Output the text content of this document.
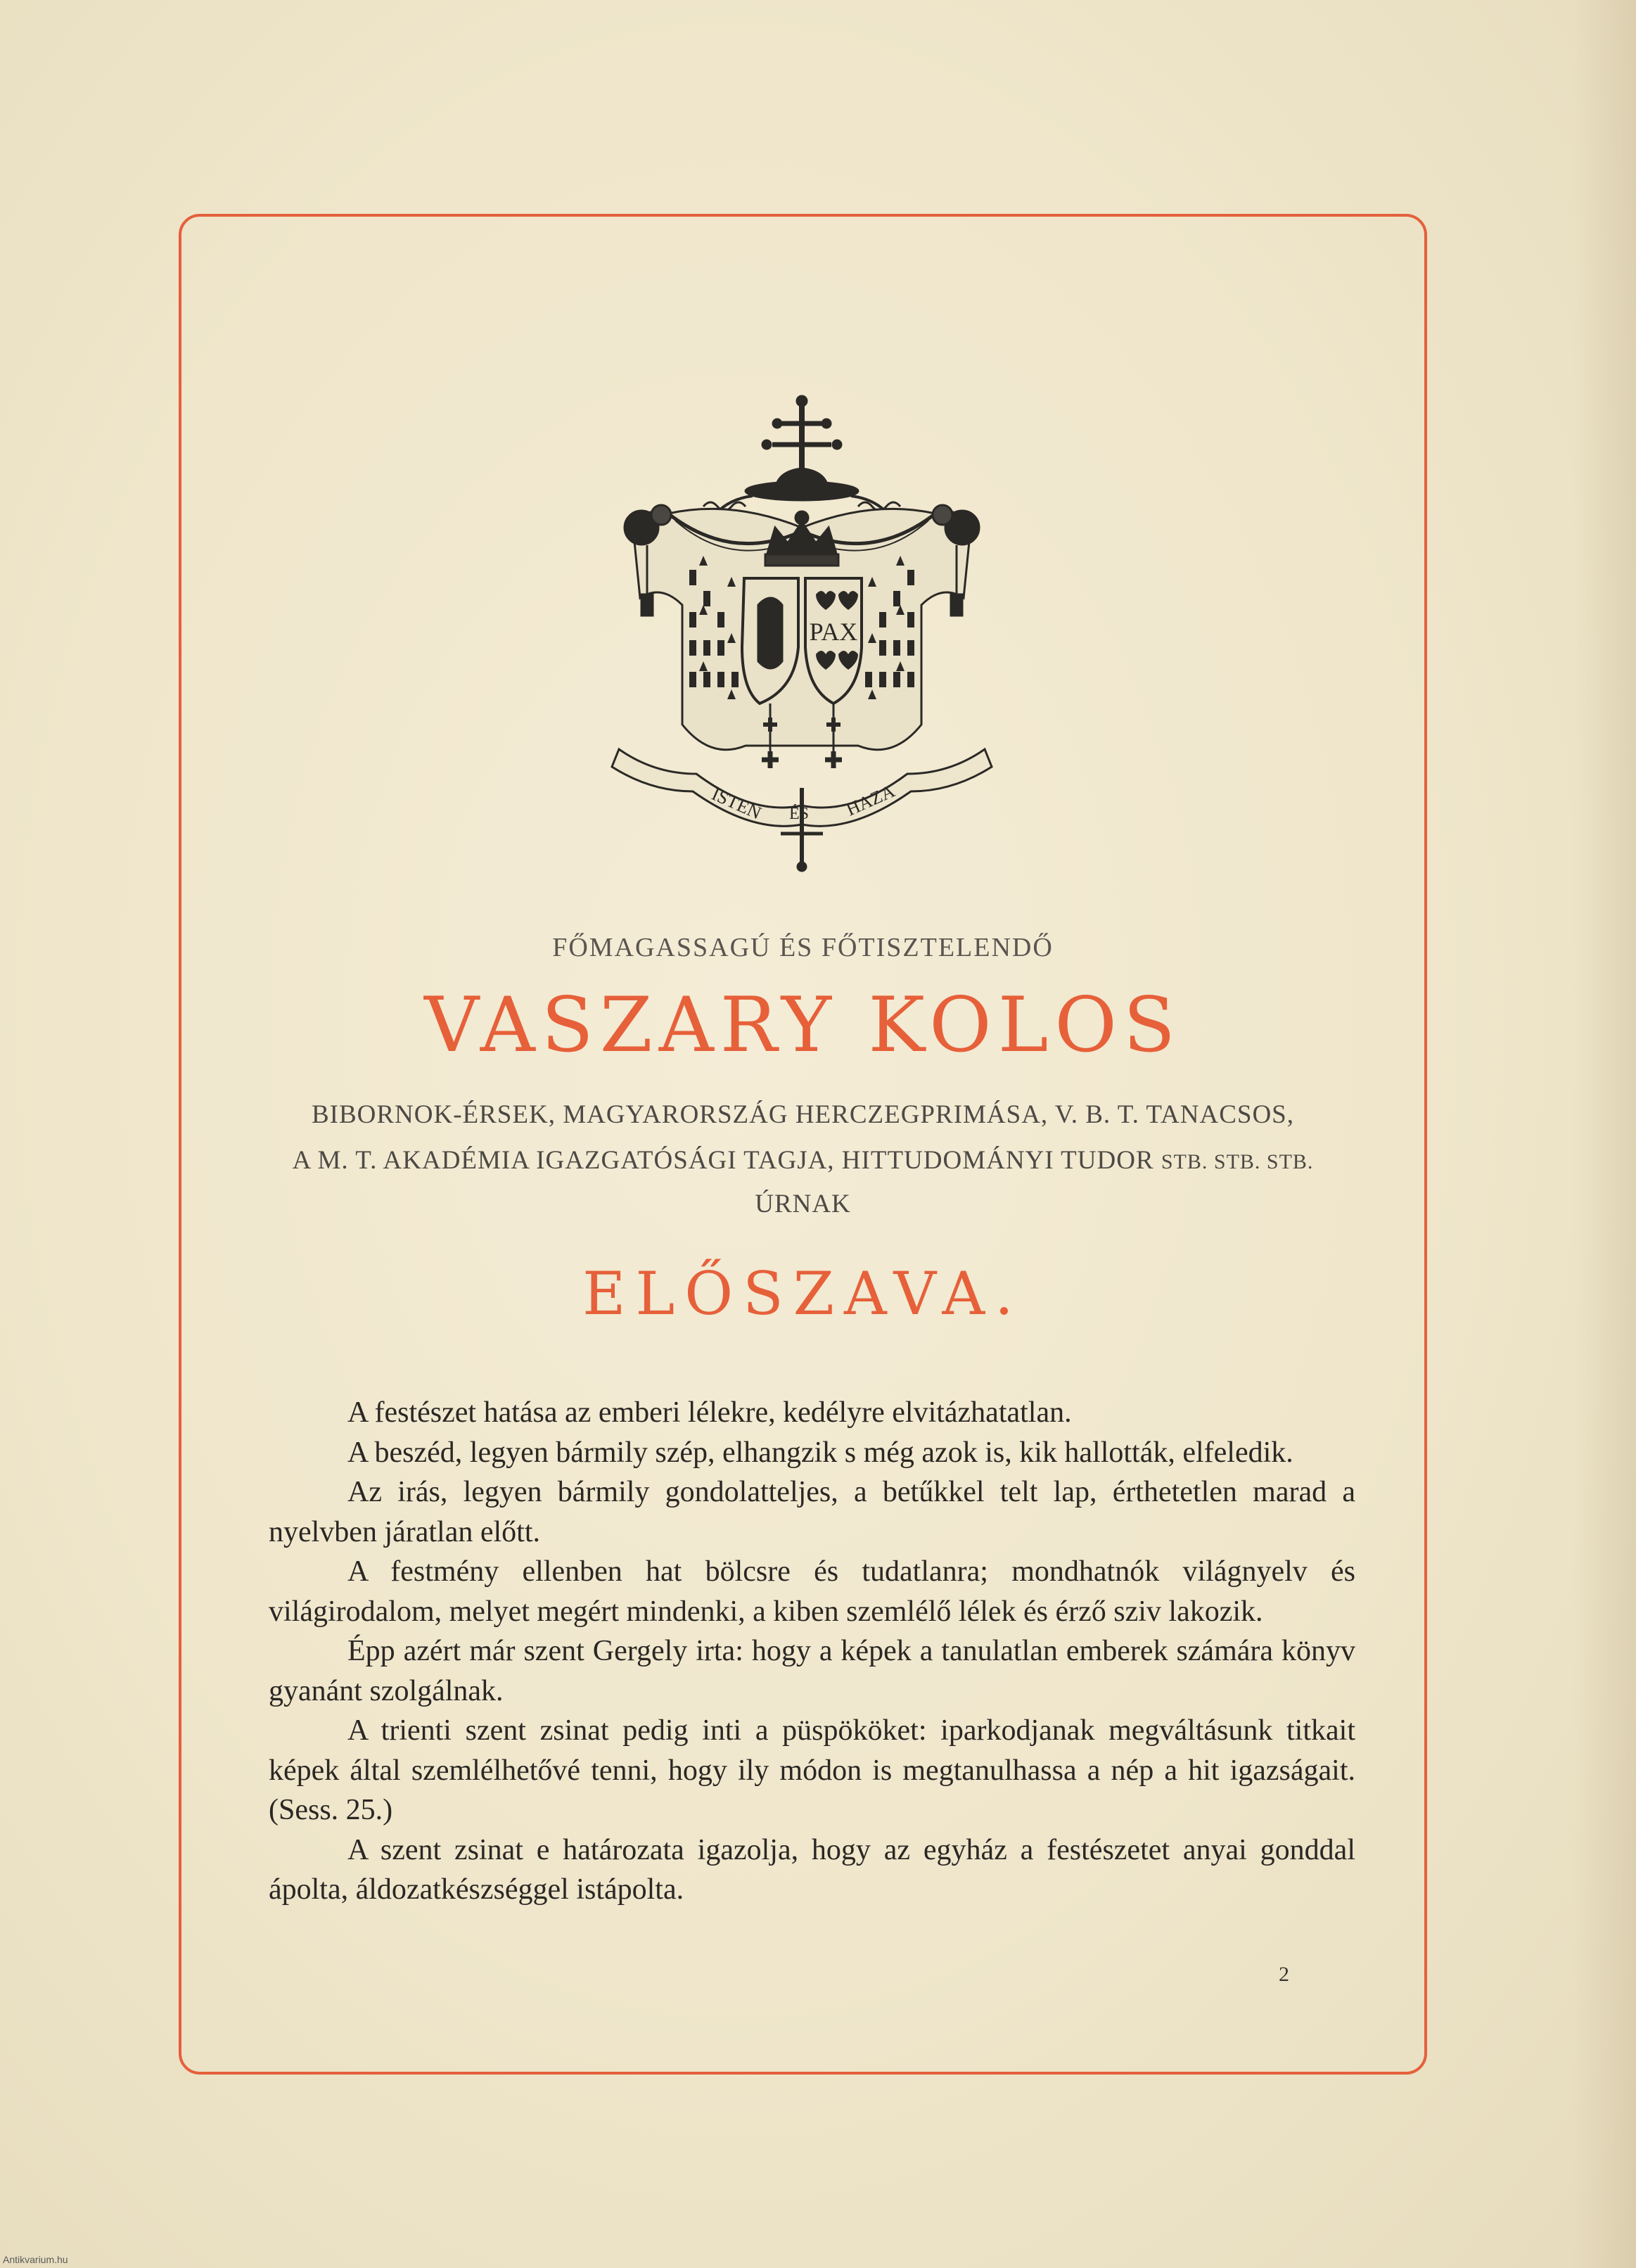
PAX
ISTEN ÉS HAZA

FŐMAGASSAGÚ ÉS FŐTISZTELENDŐ

VASZARY KOLOS

BIBORNOK-ÉRSEK, MAGYARORSZÁG HERCZEGPRIMÁSA, V. B. T. TANACSOS,

A M. T. AKADÉMIA IGAZGATÓSÁGI TAGJA, HITTUDOMÁNYI TUDOR STB. STB. STB.

ÚRNAK

ELŐSZAVA.

A festészet hatása az emberi lélekre, kedélyre elvitázhatatlan.

A beszéd, legyen bármily szép, elhangzik s még azok is, kik hallották, elfeledik.

Az irás, legyen bármily gondolatteljes, a betűkkel telt lap, érthetetlen marad a nyelvben járatlan előtt.

A festmény ellenben hat bölcsre és tudatlanra; mondhatnók világnyelv és világirodalom, melyet megért mindenki, a kiben szemlélő lélek és érző sziv lakozik.

Épp azért már szent Gergely irta: hogy a képek a tanulatlan emberek számára könyv gyanánt szolgálnak.

A trienti szent zsinat pedig inti a püspököket: iparkodjanak megváltásunk titkait képek által szemlélhetővé tenni, hogy ily módon is megtanulhassa a nép a hit igazságait. (Sess. 25.)

A szent zsinat e határozata igazolja, hogy az egyház a festészetet anyai gonddal ápolta, áldozatkészséggel istápolta.

2
Antikvarium.hu
